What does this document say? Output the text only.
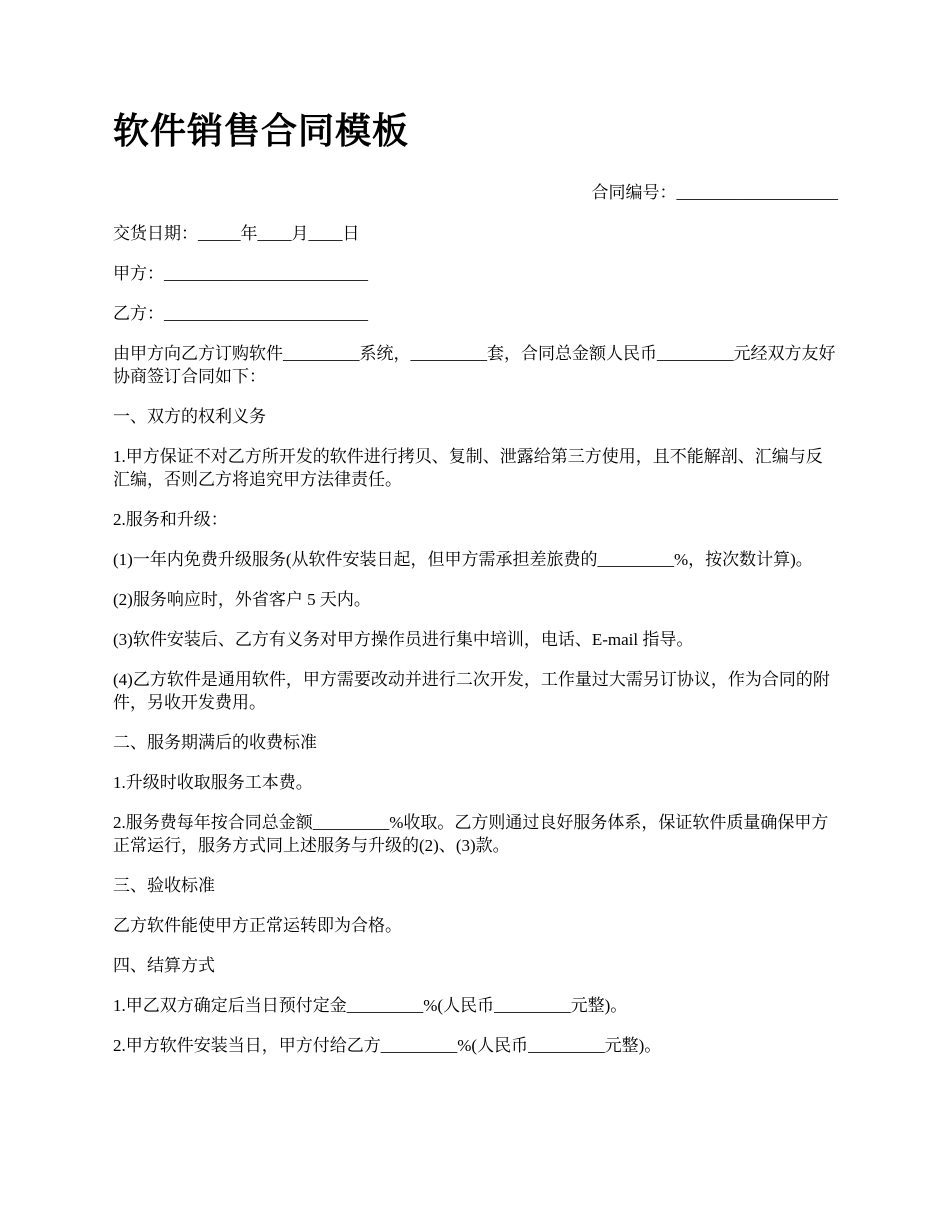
软件销售合同模板
合同编号：___________________

交货日期：_____年____月____日

甲方：________________________

乙方：________________________

由甲方向乙方订购软件_________系统，_________套，合同总金额人民币_________元经双方友好协商签订合同如下：

一、双方的权利义务

1.甲方保证不对乙方所开发的软件进行拷贝、复制、泄露给第三方使用，且不能解剖、汇编与反汇编，否则乙方将追究甲方法律责任。

2.服务和升级：

(1)一年内免费升级服务(从软件安装日起，但甲方需承担差旅费的_________%，按次数计算)。

(2)服务响应时，外省客户 5 天内。

(3)软件安装后、乙方有义务对甲方操作员进行集中培训，电话、E-mail 指导。

(4)乙方软件是通用软件，甲方需要改动并进行二次开发，工作量过大需另订协议，作为合同的附件，另收开发费用。

二、服务期满后的收费标准

1.升级时收取服务工本费。

2.服务费每年按合同总金额_________%收取。乙方则通过良好服务体系，保证软件质量确保甲方正常运行，服务方式同上述服务与升级的(2)、(3)款。

三、验收标准

乙方软件能使甲方正常运转即为合格。

四、结算方式

1.甲乙双方确定后当日预付定金_________%(人民币_________元整)。

2.甲方软件安装当日，甲方付给乙方_________%(人民币_________元整)。
